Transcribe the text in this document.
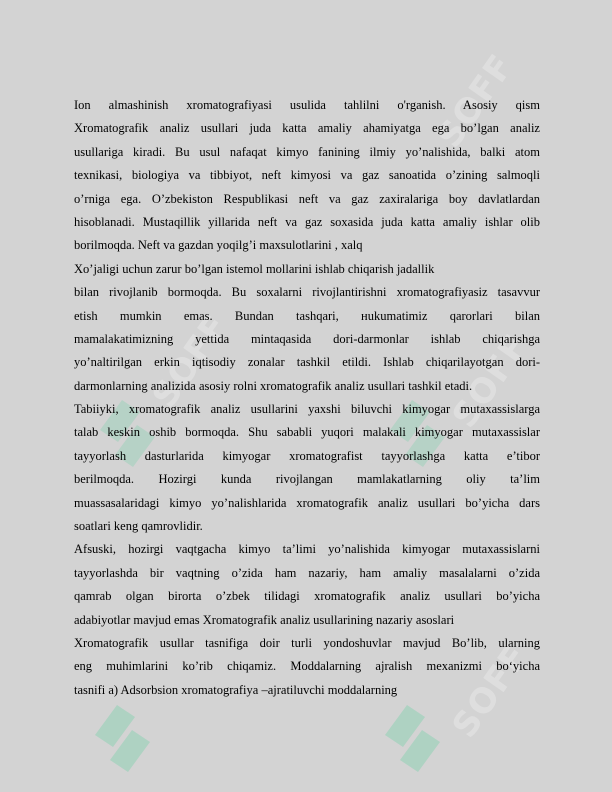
SOFF
SOFF	SOFF
SOFF
Ion almashinish xromatografiyasi usulida tahlilni o'rganish. Asosiy qism
Xromatografik analiz usullari juda katta amaliy ahamiyatga ega bo’lgan analiz
usullariga kiradi. Bu usul nafaqat kimyo fanining ilmiy yo’nalishida, balki atom
texnikasi, biologiya va tibbiyot, neft kimyosi va gaz sanoatida o’zining salmoqli
o’rniga ega. O’zbekiston Respublikasi neft va gaz zaxiralariga boy davlatlardan
hisoblanadi. Mustaqillik yillarida neft va gaz soxasida juda katta amaliy ishlar olib
borilmoqda. Neft va gazdan yoqilg’i maxsulotlarini , xalq
Xo’jaligi uchun zarur bo’lgan istemol mollarini ishlab chiqarish jadallik
bilan rivojlanib bormoqda. Bu soxalarni rivojlantirishni xromatografiyasiz tasavvur
etish mumkin emas. Bundan tashqari, нukumatimiz qarorlari bilan
mamalakatimizning yettida mintaqasida dori-darmonlar ishlab chiqarishga
yo’naltirilgan erkin iqtisodiy zonalar tashkil etildi. Ishlab chiqarilayotgan dori-
darmonlarning analizida asosiy rolni xromatografik analiz usullari tashkil etadi.
Tabiiyki, xromatografik analiz usullarini yaxshi biluvchi kimyogar mutaxassislarga
talab keskin oshib bormoqda. Shu sababli yuqori malakali kimyogar mutaxassislar
tayyorlash dasturlarida kimyogar xromatografist tayyorlashga katta e’tibor
berilmoqda. Hozirgi kunda rivojlangan mamlakatlarning oliy ta’lim
muassasalaridagi kimyo yo’nalishlarida xromatografik analiz usullari bo’yicha dars
soatlari keng qamrovlidir.
Afsuski, hozirgi vaqtgacha kimyo ta’limi yo’nalishida kimyogar mutaxassislarni
tayyorlashda bir vaqtning o’zida ham nazariy, ham amaliy masalalarni o’zida
qamrab olgan birorta o’zbek tilidagi xromatografik analiz usullari bo’yicha
adabiyotlar mavjud emas Xromatografik analiz usullarining nazariy asoslari
Xromatografik usullar tasnifiga doir turli yondoshuvlar mavjud Bo’lib, ularning
eng muhimlarini ko’rib chiqamiz. Moddalarning ajralish mexanizmi bo‘yicha
tasnifi a) Adsorbsion xromatografiya –ajratiluvchi moddalarning
